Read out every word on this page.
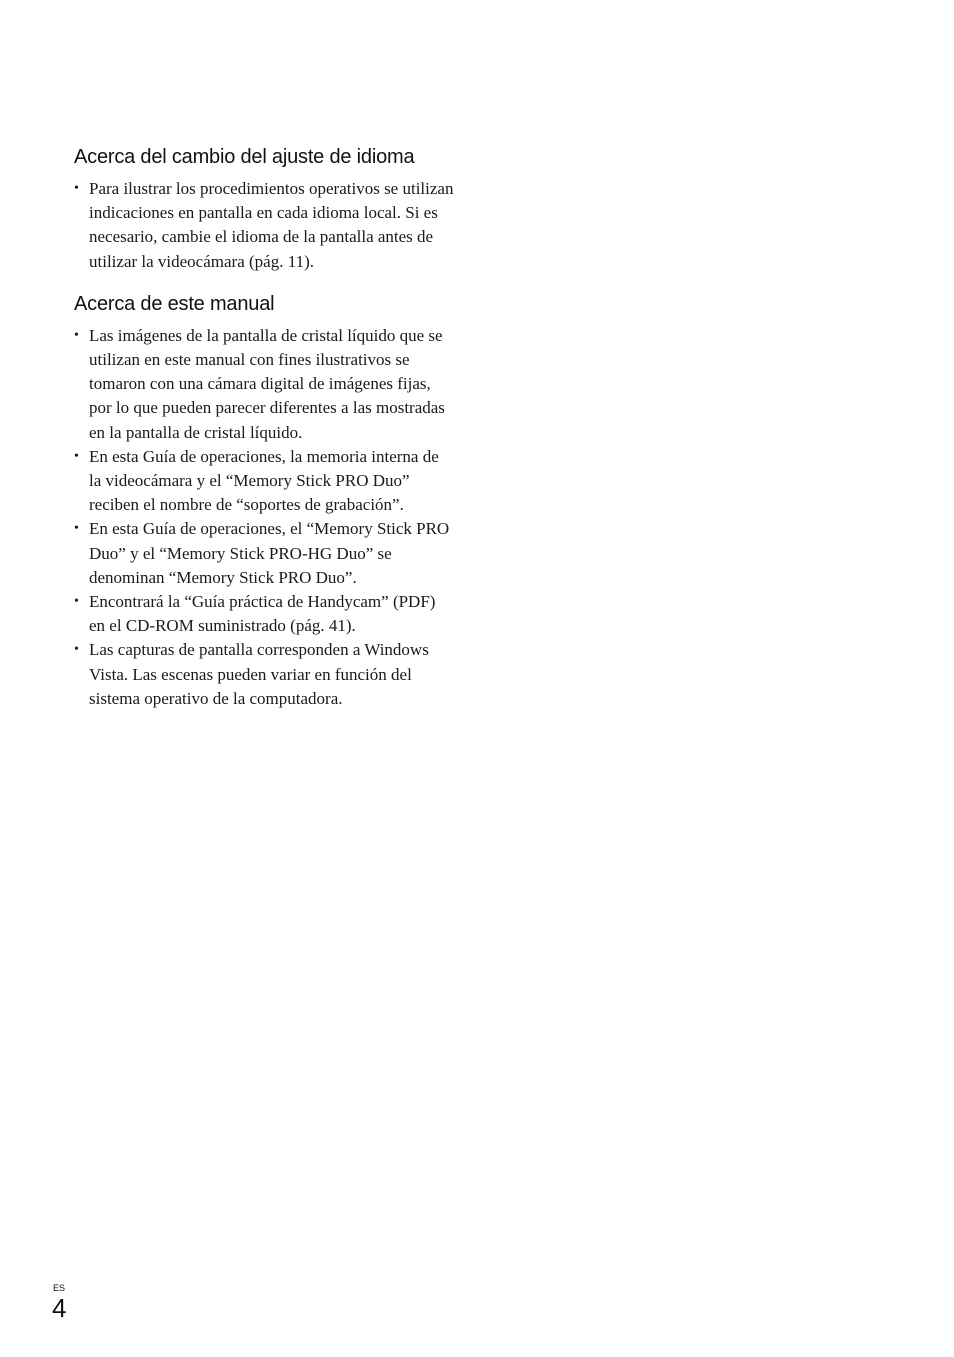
Acerca del cambio del ajuste de idioma
• Para ilustrar los procedimientos operativos se utilizan indicaciones en pantalla en cada idioma local. Si es necesario, cambie el idioma de la pantalla antes de utilizar la videocámara (pág. 11).
Acerca de este manual
• Las imágenes de la pantalla de cristal líquido que se utilizan en este manual con fines ilustrativos se tomaron con una cámara digital de imágenes fijas, por lo que pueden parecer diferentes a las mostradas en la pantalla de cristal líquido.
• En esta Guía de operaciones, la memoria interna de la videocámara y el “Memory Stick PRO Duo” reciben el nombre de “soportes de grabación”.
• En esta Guía de operaciones, el “Memory Stick PRO Duo” y el “Memory Stick PRO-HG Duo” se denominan “Memory Stick PRO Duo”.
• Encontrará la “Guía práctica de Handycam” (PDF) en el CD-ROM suministrado (pág. 41).
• Las capturas de pantalla corresponden a Windows Vista. Las escenas pueden variar en función del sistema operativo de la computadora.
ES
4
